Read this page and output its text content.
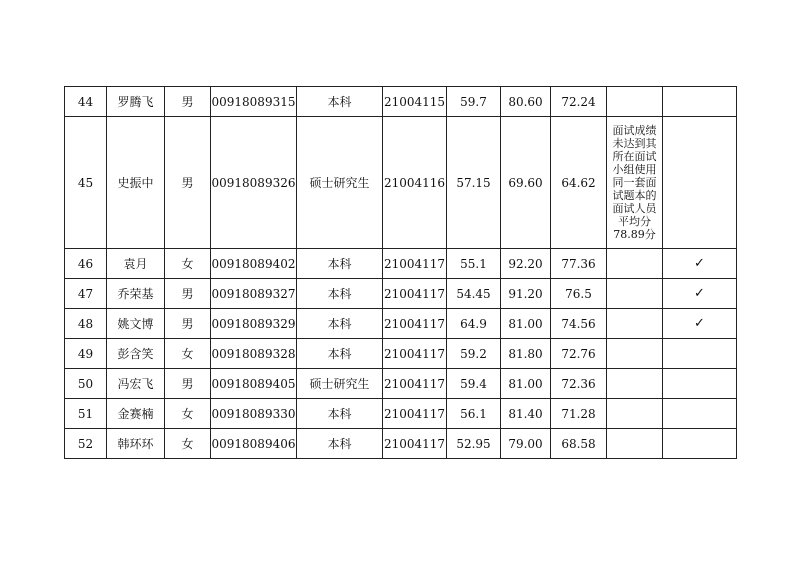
44	罗腾飞	男	00918089315	本科	21004115	59.7	80.60	72.24		
45	史振中	男	00918089326	硕士研究生	21004116	57.15	69.60	64.62	面试成绩未达到其所在面试小组使用同一套面试题本的面试人员平均分78.89分	
46	袁月	女	00918089402	本科	21004117	55.1	92.20	77.36		✓
47	乔荣基	男	00918089327	本科	21004117	54.45	91.20	76.5		✓
48	姚文博	男	00918089329	本科	21004117	64.9	81.00	74.56		✓
49	彭含笑	女	00918089328	本科	21004117	59.2	81.80	72.76		
50	冯宏飞	男	00918089405	硕士研究生	21004117	59.4	81.00	72.36		
51	金赛楠	女	00918089330	本科	21004117	56.1	81.40	71.28		
52	韩环环	女	00918089406	本科	21004117	52.95	79.00	68.58		
